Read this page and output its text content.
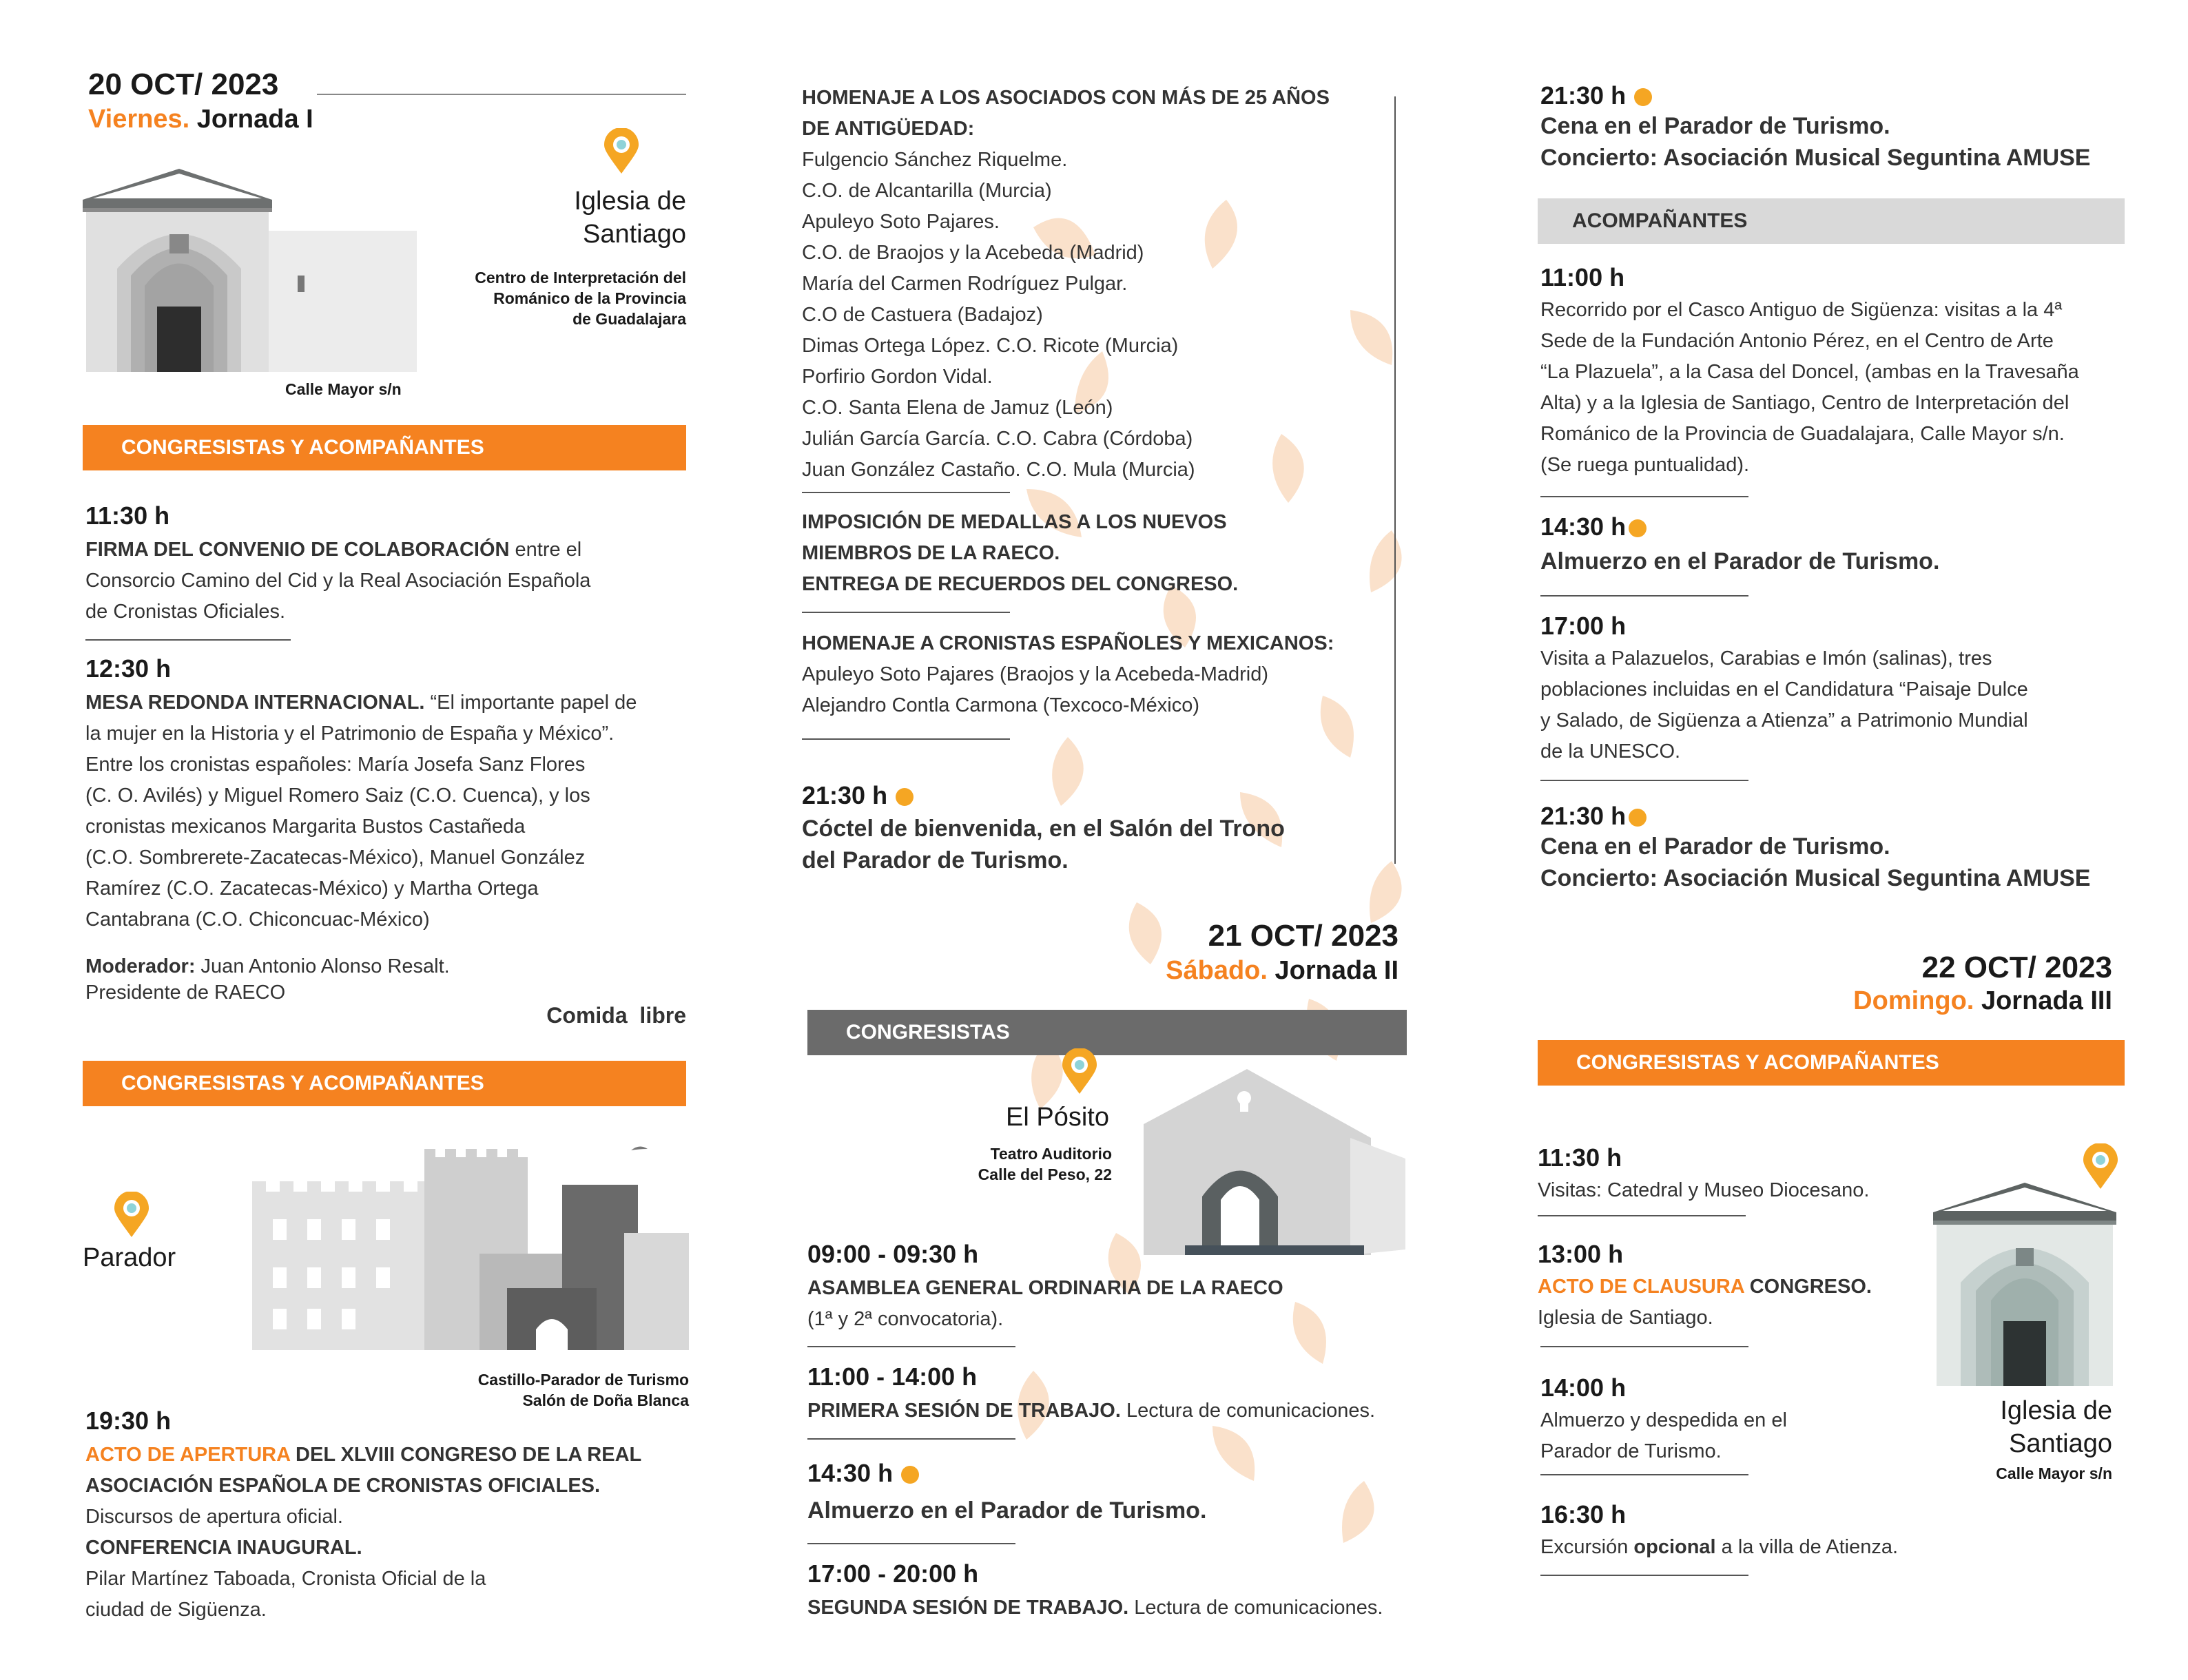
20 OCT/ 2023
Viernes. Jornada I
Iglesia de
Santiago
Centro de Interpretación del
Románico de la Provincia
de Guadalajara
Calle Mayor s/n
CONGRESISTAS Y ACOMPAÑANTES
11:30 h
FIRMA DEL CONVENIO DE COLABORACIÓN entre el
Consorcio Camino del Cid y la Real Asociación Española
de Cronistas Oficiales.
12:30 h
MESA REDONDA INTERNACIONAL. “El importante papel de
la mujer en la Historia y el Patrimonio de España y México”.
Entre los cronistas españoles: María Josefa Sanz Flores
(C. O. Avilés) y Miguel Romero Saiz (C.O. Cuenca), y los
cronistas mexicanos Margarita Bustos Castañeda
(C.O. Sombrerete-Zacatecas-México), Manuel González
Ramírez (C.O. Zacatecas-México) y Martha Ortega
Cantabrana (C.O. Chiconcuac-México)
Moderador: Juan Antonio Alonso Resalt.
Presidente de RAECO
Comida  libre
CONGRESISTAS Y ACOMPAÑANTES
Parador
Castillo-Parador de Turismo
Salón de Doña Blanca
19:30 h
ACTO DE APERTURA DEL XLVIII CONGRESO DE LA REAL
ASOCIACIÓN ESPAÑOLA DE CRONISTAS OFICIALES.
Discursos de apertura oficial.
CONFERENCIA INAUGURAL.
Pilar Martínez Taboada, Cronista Oficial de la
ciudad de Sigüenza.
HOMENAJE A LOS ASOCIADOS CON MÁS DE 25 AÑOS
DE ANTIGÜEDAD:
Fulgencio Sánchez Riquelme.
C.O. de Alcantarilla (Murcia)
Apuleyo Soto Pajares.
C.O. de Braojos y la Acebeda (Madrid)
María del Carmen Rodríguez Pulgar.
C.O de Castuera (Badajoz)
Dimas Ortega López. C.O. Ricote (Murcia)
Porfirio Gordon Vidal.
C.O. Santa Elena de Jamuz (León)
Julián García García. C.O. Cabra (Córdoba)
Juan González Castaño. C.O. Mula (Murcia)
IMPOSICIÓN DE MEDALLAS A LOS NUEVOS
MIEMBROS DE LA RAECO.
ENTREGA DE RECUERDOS DEL CONGRESO.
HOMENAJE A CRONISTAS ESPAÑOLES Y MEXICANOS:
Apuleyo Soto Pajares (Braojos y la Acebeda-Madrid)
Alejandro Contla Carmona (Texcoco-México)
21:30 h
Cóctel de bienvenida, en el Salón del Trono
del Parador de Turismo.
21 OCT/ 2023
Sábado. Jornada II
CONGRESISTAS
El Pósito
Teatro Auditorio
Calle del Peso, 22
09:00 - 09:30 h
ASAMBLEA GENERAL ORDINARIA DE LA RAECO
(1ª y 2ª convocatoria).
11:00 - 14:00 h
PRIMERA SESIÓN DE TRABAJO. Lectura de comunicaciones.
14:30 h
Almuerzo en el Parador de Turismo.
17:00 - 20:00 h
SEGUNDA SESIÓN DE TRABAJO. Lectura de comunicaciones.
21:30 h
Cena en el Parador de Turismo.
Concierto: Asociación Musical Seguntina AMUSE
ACOMPAÑANTES
11:00 h
Recorrido por el Casco Antiguo de Sigüenza: visitas a la 4ª
Sede de la Fundación Antonio Pérez, en el Centro de Arte
“La Plazuela”, a la Casa del Doncel, (ambas en la Travesaña
Alta) y a la Iglesia de Santiago, Centro de Interpretación del
Románico de la Provincia de Guadalajara, Calle Mayor s/n.
(Se ruega puntualidad).
14:30 h
Almuerzo en el Parador de Turismo.
17:00 h
Visita a Palazuelos, Carabias e Imón (salinas), tres
poblaciones incluidas en el Candidatura “Paisaje Dulce
y Salado, de Sigüenza a Atienza” a Patrimonio Mundial
de la UNESCO.
21:30 h
Cena en el Parador de Turismo.
Concierto: Asociación Musical Seguntina AMUSE
22 OCT/ 2023
Domingo. Jornada III
CONGRESISTAS Y ACOMPAÑANTES
11:30 h
Visitas: Catedral y Museo Diocesano.
13:00 h
ACTO DE CLAUSURA CONGRESO.
Iglesia de Santiago.
14:00 h
Almuerzo y despedida en el
Parador de Turismo.
16:30 h
Excursión opcional a la villa de Atienza.
Iglesia de
Santiago
Calle Mayor s/n
